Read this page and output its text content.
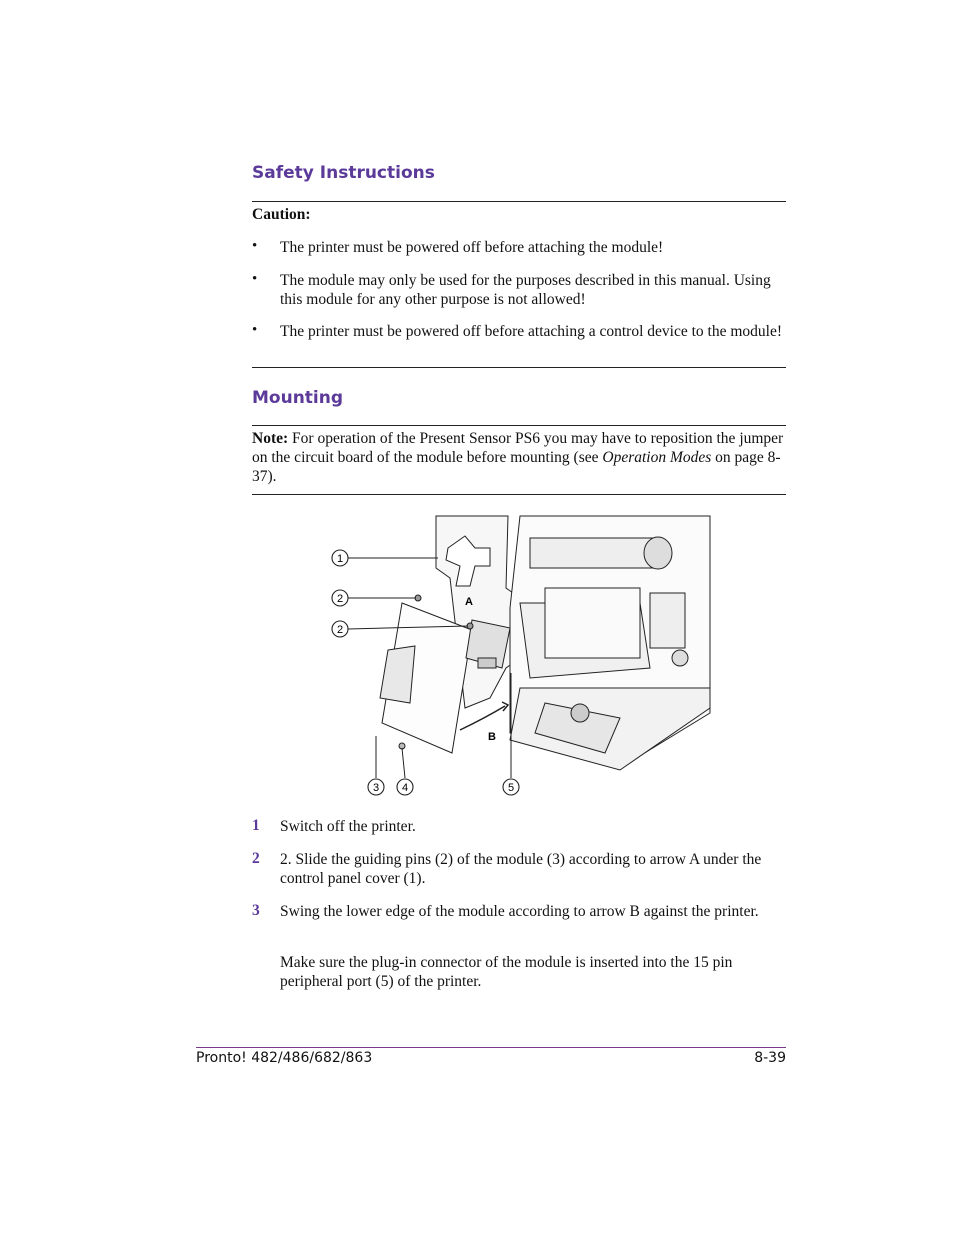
Safety Instructions
Caution:
• The printer must be powered off before attaching the module!
• The module may only be used for the purposes described in this manual. Using this module for any other purpose is not allowed!
• The printer must be powered off before attaching a control device to the module!
Mounting
Note: For operation of the Present Sensor PS6 you may have to reposition the jumper on the circuit board of the module before mounting (see Operation Modes on page 8-37).
1
2
2
3 4	5
A
B
1 Switch off the printer.
2 2. Slide the guiding pins (2) of the module (3) according to arrow A under the control panel cover (1).
3 Swing the lower edge of the module according to arrow B against the printer.
Make sure the plug-in connector of the module is inserted into the 15 pin peripheral port (5) of the printer.
Pronto! 482/486/682/863	8-39
